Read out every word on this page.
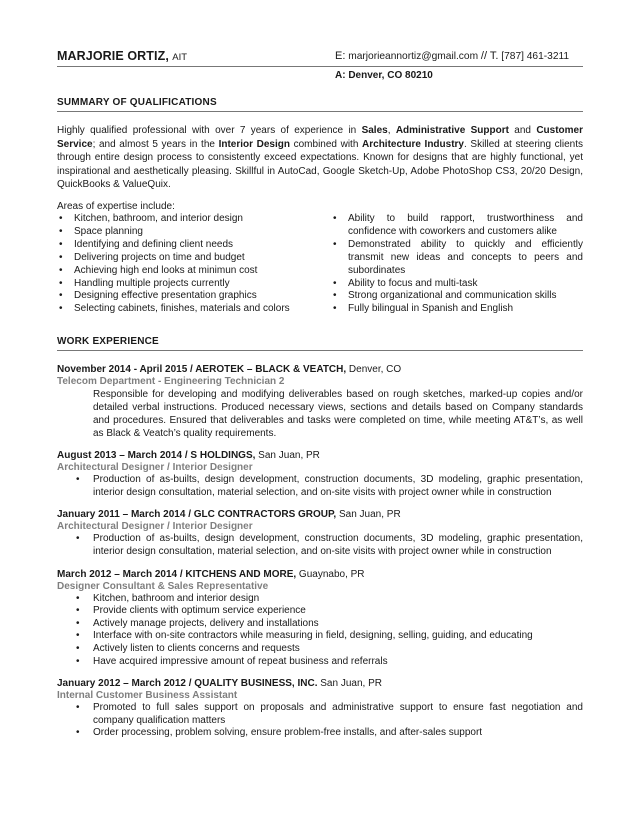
MARJORIE ORTIZ, AIT	E: marjorieannortiz@gmail.com // T. [787] 461-3211
A: Denver, CO 80210
SUMMARY OF QUALIFICATIONS
Highly qualified professional with over 7 years of experience in Sales, Administrative Support and Customer Service; and almost 5 years in the Interior Design combined with Architecture Industry. Skilled at steering clients through entire design process to consistently exceed expectations. Known for designs that are highly functional, yet inspirational and aesthetically pleasing. Skillful in AutoCad, Google Sketch-Up, Adobe PhotoShop CS3, 20/20 Design, QuickBooks & ValueQuix.
Areas of expertise include:
• Kitchen, bathroom, and interior design
• Space planning
• Identifying and defining client needs
• Delivering projects on time and budget
• Achieving high end looks at minimun cost
• Handling multiple projects currently
• Designing effective presentation graphics
• Selecting cabinets, finishes, materials and colors
• Ability to build rapport, trustworthiness and confidence with coworkers and customers alike
• Demonstrated ability to quickly and efficiently transmit new ideas and concepts to peers and subordinates
• Ability to focus and multi-task
• Strong organizational and communication skills
• Fully bilingual in Spanish and English
WORK EXPERIENCE
November 2014 - April 2015 / AEROTEK – BLACK & VEATCH, Denver, CO
Telecom Department - Engineering Technician 2
Responsible for developing and modifying deliverables based on rough sketches, marked-up copies and/or detailed verbal instructions. Produced necessary views, sections and details based on Company standards and procedures. Ensured that deliverables and tasks were completed on time, while meeting AT&T’s, as well as Black & Veatch’s quality requirements.
August 2013 – March 2014 / S HOLDINGS, San Juan, PR
Architectural Designer / Interior Designer
• Production of as-builts, design development, construction documents, 3D modeling, graphic presentation, interior design consultation, material selection, and on-site visits with project owner while in construction
January 2011 – March 2014 / GLC CONTRACTORS GROUP, San Juan, PR
Architectural Designer / Interior Designer
• Production of as-builts, design development, construction documents, 3D modeling, graphic presentation, interior design consultation, material selection, and on-site visits with project owner while in construction
March 2012 – March 2014 / KITCHENS AND MORE, Guaynabo, PR
Designer Consultant & Sales Representative
• Kitchen, bathroom and interior design
• Provide clients with optimum service experience
• Actively manage projects, delivery and installations
• Interface with on-site contractors while measuring in field, designing, selling, guiding, and educating
• Actively listen to clients concerns and requests
• Have acquired impressive amount of repeat business and referrals
January 2012 – March 2012 / QUALITY BUSINESS, INC. San Juan, PR
Internal Customer Business Assistant
• Promoted to full sales support on proposals and administrative support to ensure fast negotiation and company qualification matters
• Order processing, problem solving, ensure problem-free installs, and after-sales support
